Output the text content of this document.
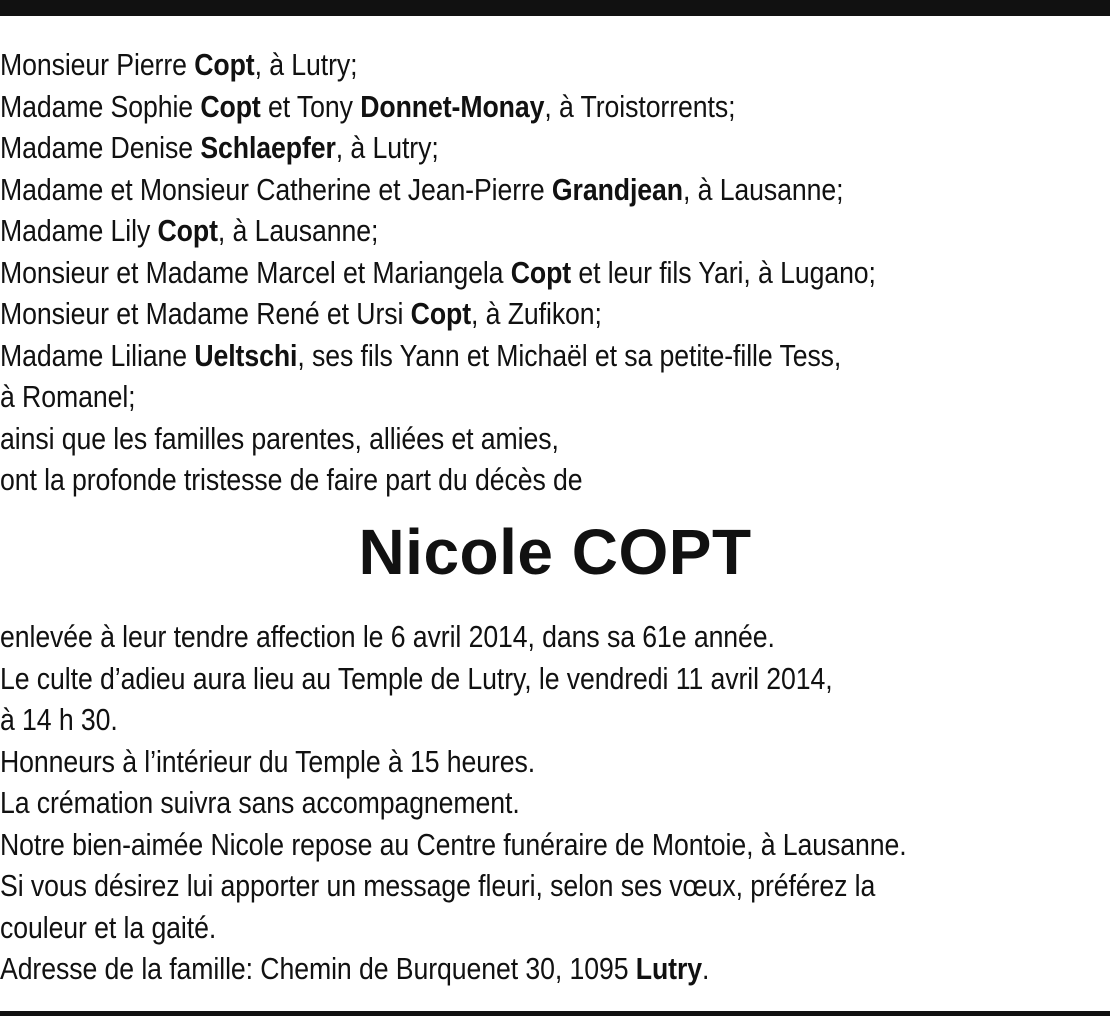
Monsieur Pierre Copt, à Lutry;
Madame Sophie Copt et Tony Donnet-Monay, à Troistorrents;
Madame Denise Schlaepfer, à Lutry;
Madame et Monsieur Catherine et Jean-Pierre Grandjean, à Lausanne;
Madame Lily Copt, à Lausanne;
Monsieur et Madame Marcel et Mariangela Copt et leur fils Yari, à Lugano;
Monsieur et Madame René et Ursi Copt, à Zufikon;
Madame Liliane Ueltschi, ses fils Yann et Michaël et sa petite-fille Tess,
à Romanel;
ainsi que les familles parentes, alliées et amies,
ont la profonde tristesse de faire part du décès de
Nicole COPT
enlevée à leur tendre affection le 6 avril 2014, dans sa 61e année.
Le culte d’adieu aura lieu au Temple de Lutry, le vendredi 11 avril 2014,
à 14 h 30.
Honneurs à l’intérieur du Temple à 15 heures.
La crémation suivra sans accompagnement.
Notre bien-aimée Nicole repose au Centre funéraire de Montoie, à Lausanne.
Si vous désirez lui apporter un message fleuri, selon ses vœux, préférez la
couleur et la gaité.
Adresse de la famille: Chemin de Burquenet 30, 1095 Lutry.
